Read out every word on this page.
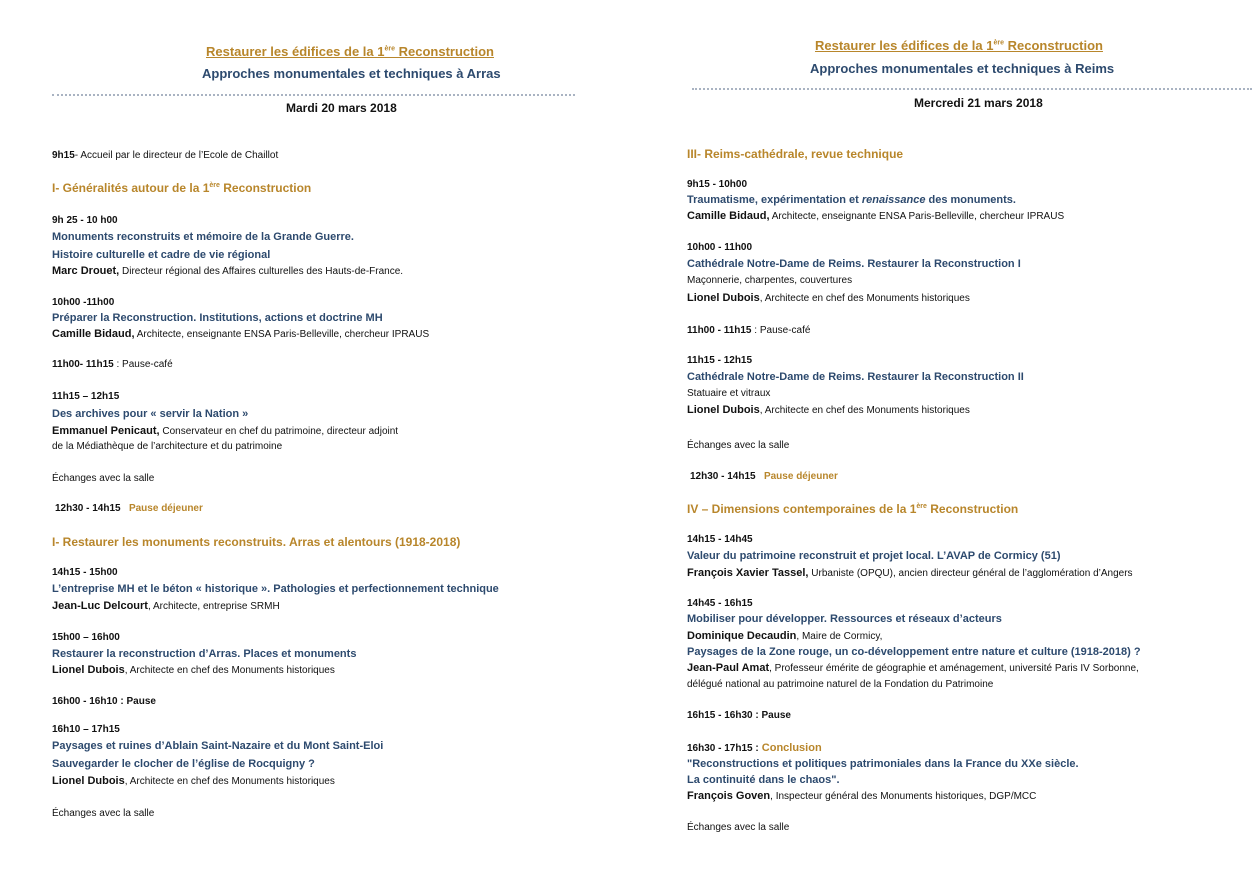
Restaurer les édifices de la 1ère Reconstruction
Approches monumentales et techniques à Arras
Mardi 20 mars 2018
9h15- Accueil par le directeur de l’Ecole de Chaillot
I- Généralités autour de la 1ère Reconstruction
9h 25 - 10 h00
Monuments reconstruits et mémoire de la Grande Guerre.
Histoire culturelle et cadre de vie régional
Marc Drouet, Directeur régional des Affaires culturelles des Hauts-de-France.
10h00 -11h00
Préparer la Reconstruction. Institutions, actions et doctrine MH
Camille Bidaud, Architecte, enseignante ENSA Paris-Belleville, chercheur IPRAUS
11h00- 11h15 : Pause-café
11h15 – 12h15
Des archives pour « servir la Nation »
Emmanuel Penicaut, Conservateur en chef du patrimoine, directeur adjoint
de la Médiathèque de l’architecture et du patrimoine
Échanges avec la salle
12h30 - 14h15 Pause déjeuner
I- Restaurer les monuments reconstruits. Arras et alentours (1918-2018)
14h15 - 15h00
L’entreprise MH et le béton « historique ». Pathologies et perfectionnement technique
Jean-Luc Delcourt, Architecte, entreprise SRMH
15h00 – 16h00
Restaurer la reconstruction d’Arras. Places et monuments
Lionel Dubois, Architecte en chef des Monuments historiques
16h00 - 16h10 : Pause
16h10 – 17h15
Paysages et ruines d’Ablain Saint-Nazaire et du Mont Saint-Eloi
Sauvegarder le clocher de l’église de Rocquigny ?
Lionel Dubois, Architecte en chef des Monuments historiques
Échanges avec la salle
Restaurer les édifices de la 1ère Reconstruction
Approches monumentales et techniques à Reims
Mercredi 21 mars 2018
III- Reims-cathédrale, revue technique
9h15 - 10h00
Traumatisme, expérimentation et renaissance des monuments.
Camille Bidaud, Architecte, enseignante ENSA Paris-Belleville, chercheur IPRAUS
10h00 - 11h00
Cathédrale Notre-Dame de Reims. Restaurer la Reconstruction I
Maçonnerie, charpentes, couvertures
Lionel Dubois, Architecte en chef des Monuments historiques
11h00 - 11h15 : Pause-café
11h15 - 12h15
Cathédrale Notre-Dame de Reims. Restaurer la Reconstruction II
Statuaire et vitraux
Lionel Dubois, Architecte en chef des Monuments historiques
Échanges avec la salle
12h30 - 14h15 Pause déjeuner
IV – Dimensions contemporaines de la 1ère Reconstruction
14h15 - 14h45
Valeur du patrimoine reconstruit et projet local. L’AVAP de Cormicy (51)
François Xavier Tassel, Urbaniste (OPQU), ancien directeur général de l’agglomération d’Angers
14h45 - 16h15
Mobiliser pour développer. Ressources et réseaux d’acteurs
Dominique Decaudin, Maire de Cormicy,
Paysages de la Zone rouge, un co-développement entre nature et culture (1918-2018) ?
Jean-Paul Amat, Professeur émérite de géographie et aménagement, université Paris IV Sorbonne,
délégué national au patrimoine naturel de la Fondation du Patrimoine
16h15 - 16h30 : Pause
16h30 - 17h15 : Conclusion
"Reconstructions et politiques patrimoniales dans la France du XXe siècle.
La continuité dans le chaos".
François Goven, Inspecteur général des Monuments historiques, DGP/MCC
Échanges avec la salle
